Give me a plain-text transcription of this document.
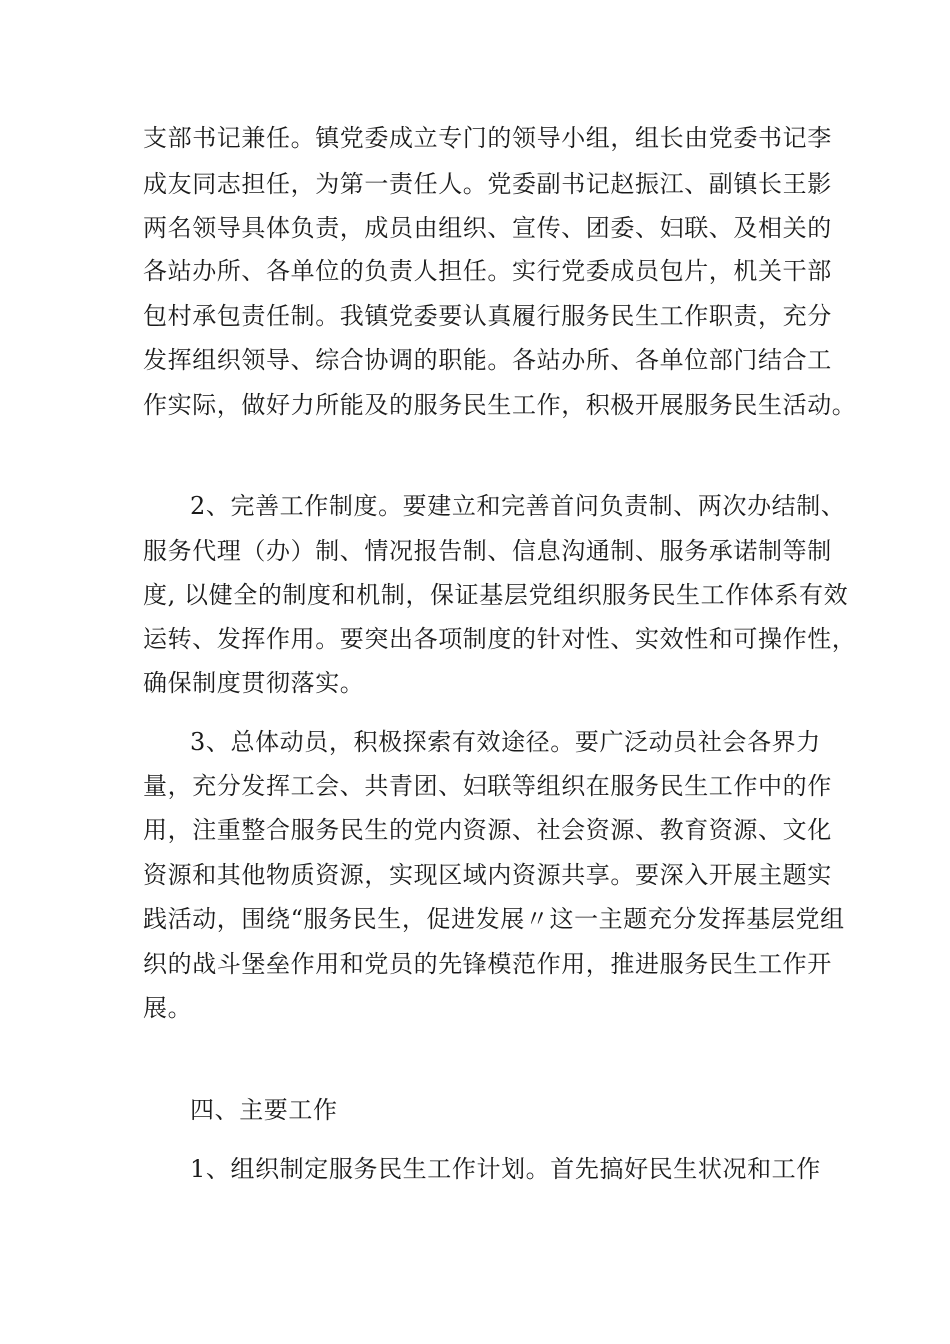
支部书记兼任。镇党委成立专门的领导小组，组长由党委书记李
成友同志担任，为第一责任人。党委副书记赵振江、副镇长王影
两名领导具体负责，成员由组织、宣传、团委、妇联、及相关的
各站办所、各单位的负责人担任。实行党委成员包片，机关干部
包村承包责任制。我镇党委要认真履行服务民生工作职责，充分
发挥组织领导、综合协调的职能。各站办所、各单位部门结合工
作实际，做好力所能及的服务民生工作，积极开展服务民生活动。
2、完善工作制度。要建立和完善首问负责制、两次办结制、
服务代理（办）制、情况报告制、信息沟通制、服务承诺制等制
度, 以健全的制度和机制，保证基层党组织服务民生工作体系有效
运转、发挥作用。要突出各项制度的针对性、实效性和可操作性，
确保制度贯彻落实。
3、总体动员，积极探索有效途径。要广泛动员社会各界力
量，充分发挥工会、共青团、妇联等组织在服务民生工作中的作
用，注重整合服务民生的党内资源、社会资源、教育资源、文化
资源和其他物质资源，实现区域内资源共享。要深入开展主题实
践活动，围绕“服务民生，促进发展〃这一主题充分发挥基层党组
织的战斗堡垒作用和党员的先锋模范作用，推进服务民生工作开
展。
四、主要工作
1、组织制定服务民生工作计划。首先搞好民生状况和工作
